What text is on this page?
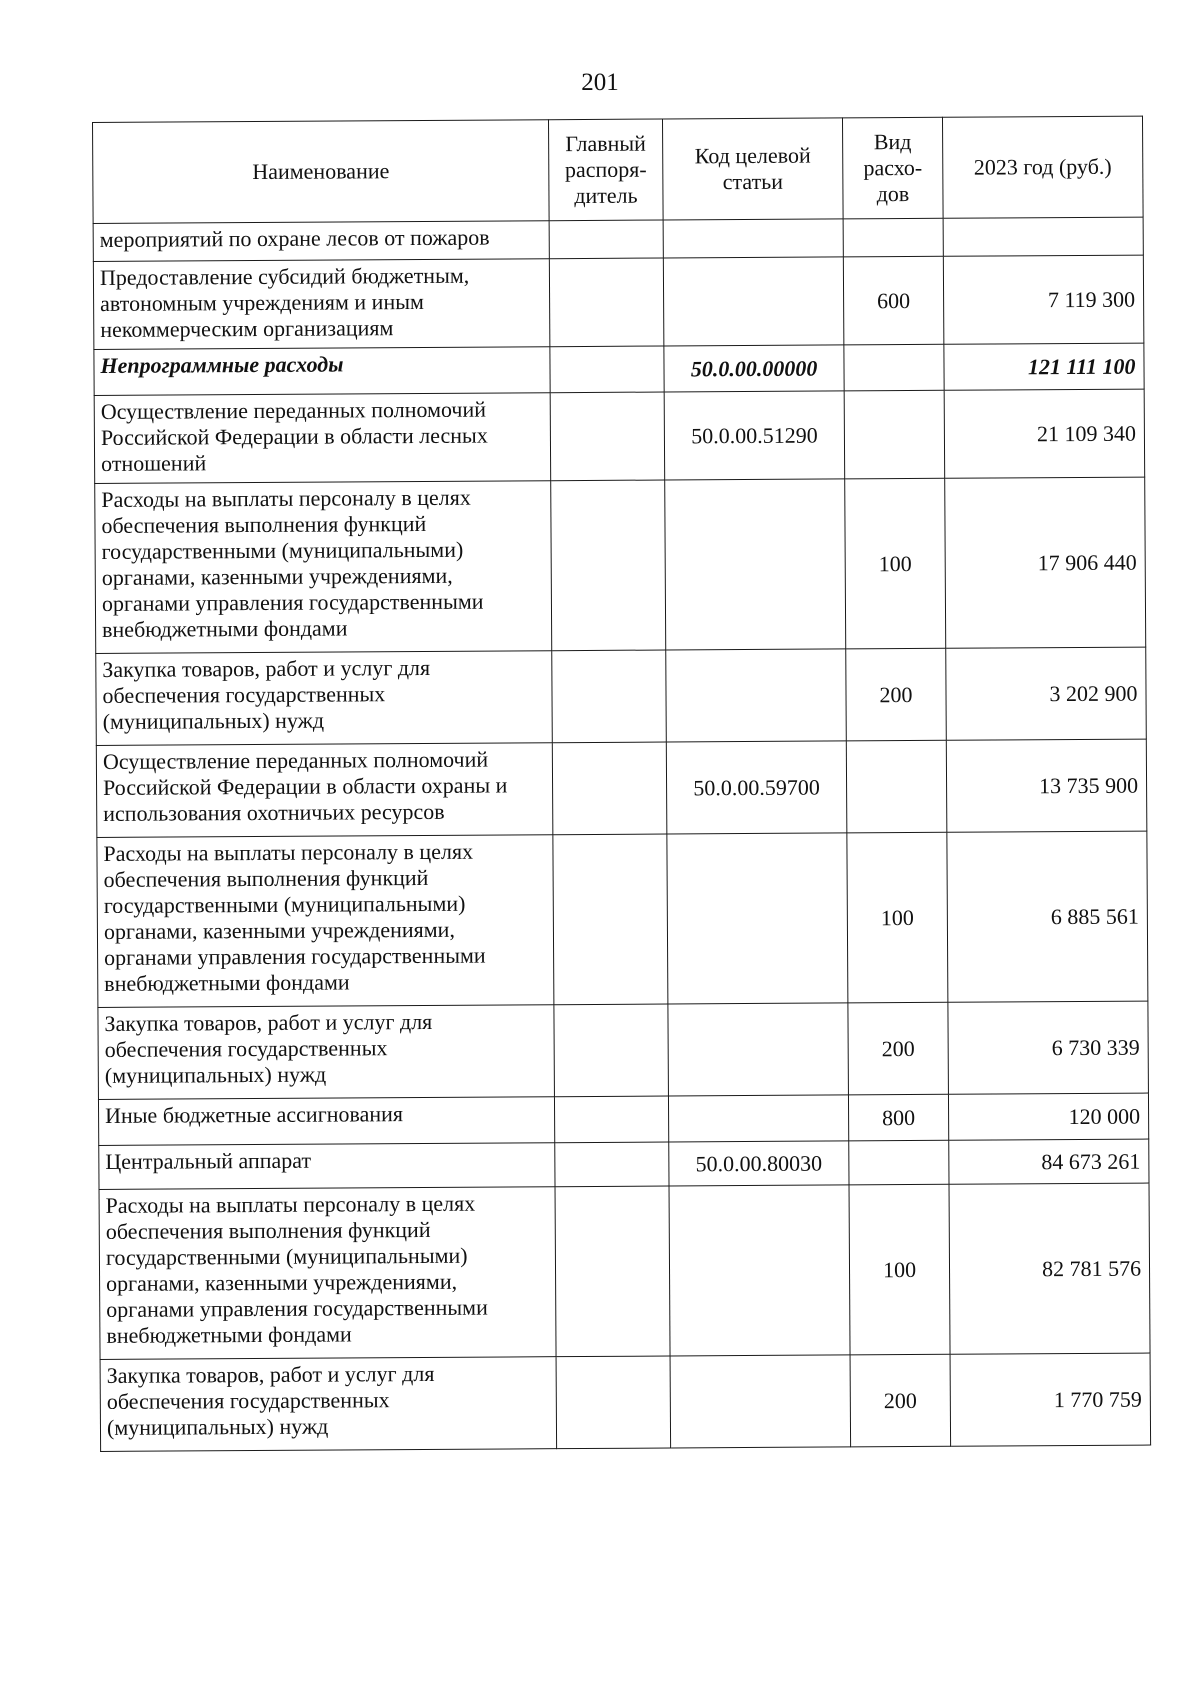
201
Наименование	Главный распоря-дитель	Код целевой статьи	Вид расхо-дов	2023 год (руб.)
мероприятий по охране лесов от пожаров				
Предоставление субсидий бюджетным, автономным учреждениям и иным некоммерческим организациям			600	7 119 300
Непрограммные расходы		50.0.00.00000		121 111 100
Осуществление переданных полномочий Российской Федерации в области лесных отношений		50.0.00.51290		21 109 340
Расходы на выплаты персоналу в целях обеспечения выполнения функций государственными (муниципальными) органами, казенными учреждениями, органами управления государственными внебюджетными фондами			100	17 906 440
Закупка товаров, работ и услуг для обеспечения государственных (муниципальных) нужд			200	3 202 900
Осуществление переданных полномочий Российской Федерации в области охраны и использования охотничьих ресурсов		50.0.00.59700		13 735 900
Расходы на выплаты персоналу в целях обеспечения выполнения функций государственными (муниципальными) органами, казенными учреждениями, органами управления государственными внебюджетными фондами			100	6 885 561
Закупка товаров, работ и услуг для обеспечения государственных (муниципальных) нужд			200	6 730 339
Иные бюджетные ассигнования			800	120 000
Центральный аппарат		50.0.00.80030		84 673 261
Расходы на выплаты персоналу в целях обеспечения выполнения функций государственными (муниципальными) органами, казенными учреждениями, органами управления государственными внебюджетными фондами			100	82 781 576
Закупка товаров, работ и услуг для обеспечения государственных (муниципальных) нужд			200	1 770 759
